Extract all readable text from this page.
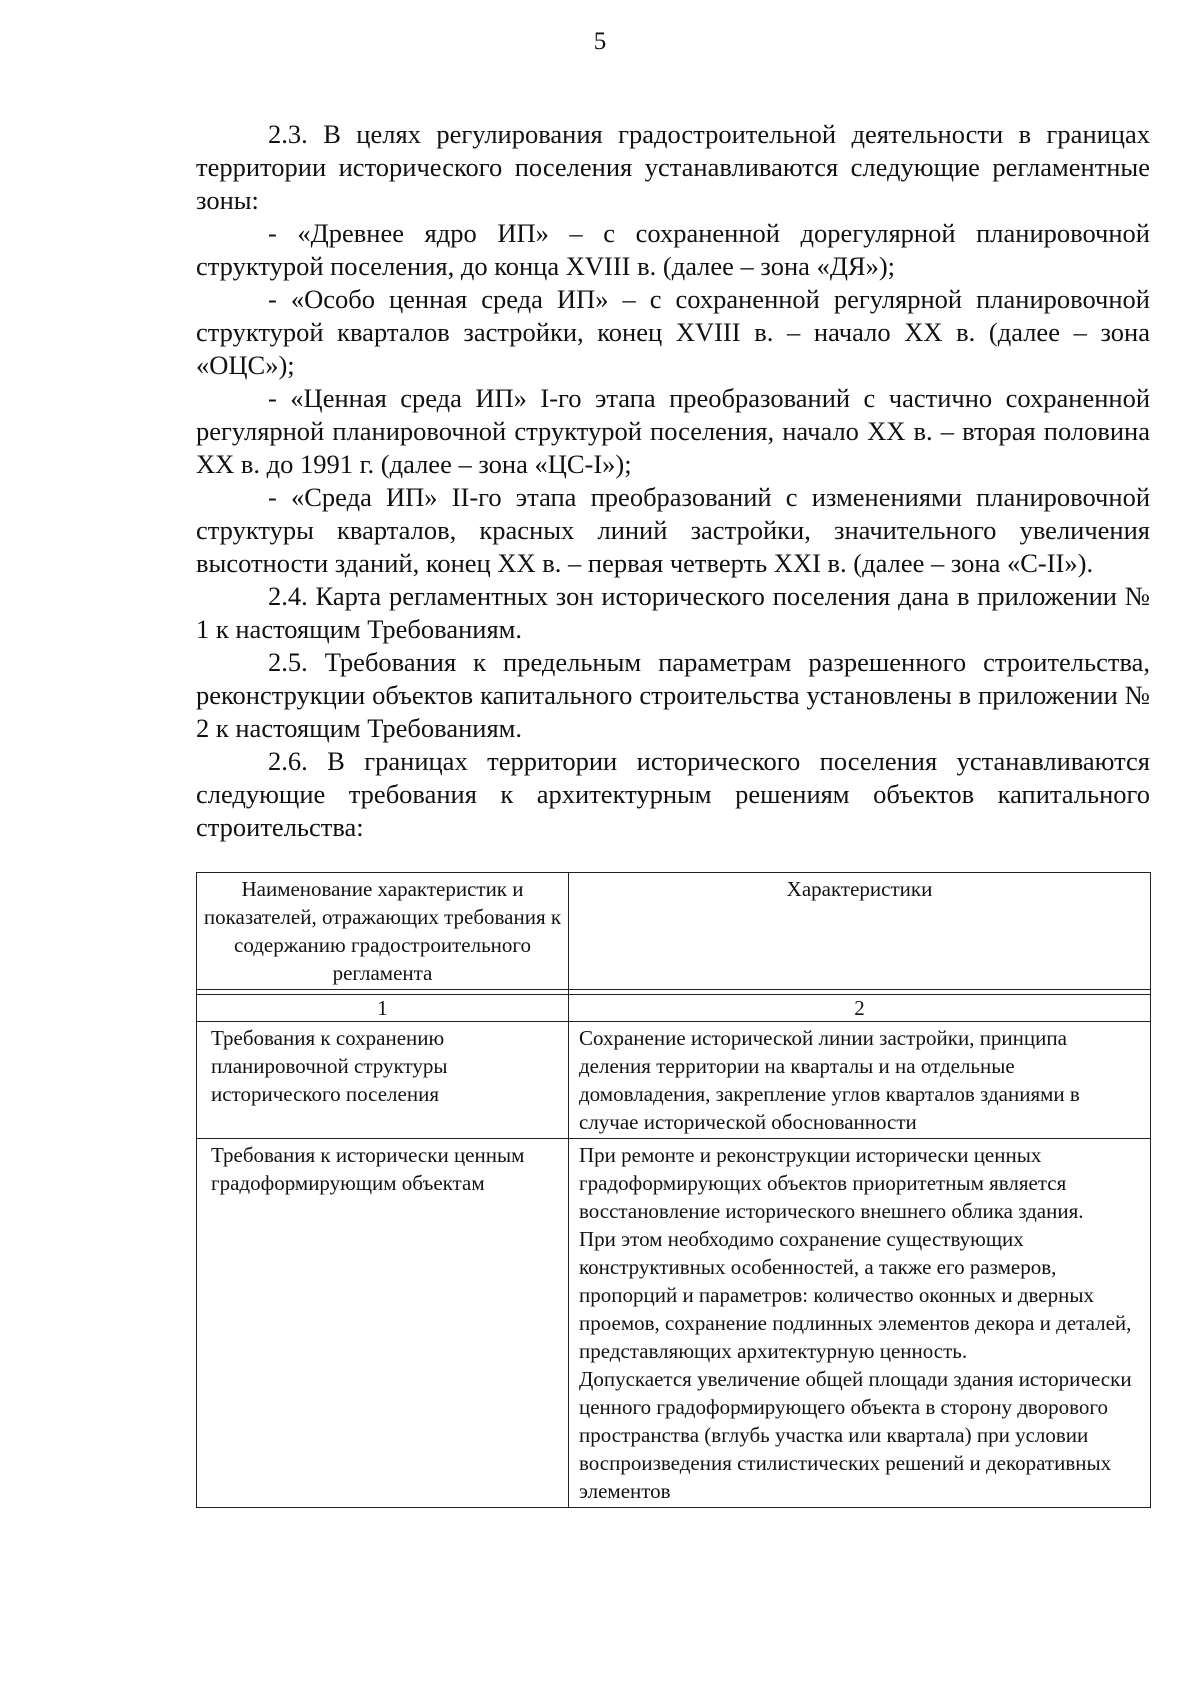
5

2.3. В целях регулирования градостроительной деятельности в границах территории исторического поселения устанавливаются следующие регламентные зоны:

- «Древнее ядро ИП» – с сохраненной дорегулярной планировочной структурой поселения, до конца XVIII в. (далее – зона «ДЯ»);

- «Особо ценная среда ИП» – с сохраненной регулярной планировочной структурой кварталов застройки, конец XVIII в. – начало XX в. (далее – зона «ОЦС»);

- «Ценная среда ИП» I-го этапа преобразований с частично сохраненной регулярной планировочной структурой поселения, начало XX в. – вторая половина XX в. до 1991 г. (далее – зона «ЦС-I»);

- «Среда ИП» II-го этапа преобразований с изменениями планировочной структуры кварталов, красных линий застройки, значительного увеличения высотности зданий, конец XX в. – первая четверть XXI в. (далее – зона «С-II»).

2.4. Карта регламентных зон исторического поселения дана в приложении № 1 к настоящим Требованиям.

2.5. Требования к предельным параметрам разрешенного строительства, реконструкции объектов капитального строительства установлены в приложении № 2 к настоящим Требованиям.

2.6. В границах территории исторического поселения устанавливаются следующие требования к архитектурным решениям объектов капитального строительства:

Наименование характеристик и показателей, отражающих требования к содержанию градостроительного регламента	Характеристики

1	2
Требования к сохранению планировочной структуры исторического поселения	Сохранение исторической линии застройки, принципа деления территории на кварталы и на отдельные домовладения, закрепление углов кварталов зданиями в случае исторической обоснованности

Требования к исторически ценным градоформирующим объектам	При ремонте и реконструкции исторически ценных градоформирующих объектов приоритетным является восстановление исторического внешнего облика здания.
При этом необходимо сохранение существующих конструктивных особенностей, а также его размеров, пропорций и параметров: количество оконных и дверных проемов, сохранение подлинных элементов декора и деталей, представляющих архитектурную ценность.
Допускается увеличение общей площади здания исторически ценного градоформирующего объекта в сторону дворового пространства (вглубь участка или квартала) при условии воспроизведения стилистических решений и декоративных элементов
